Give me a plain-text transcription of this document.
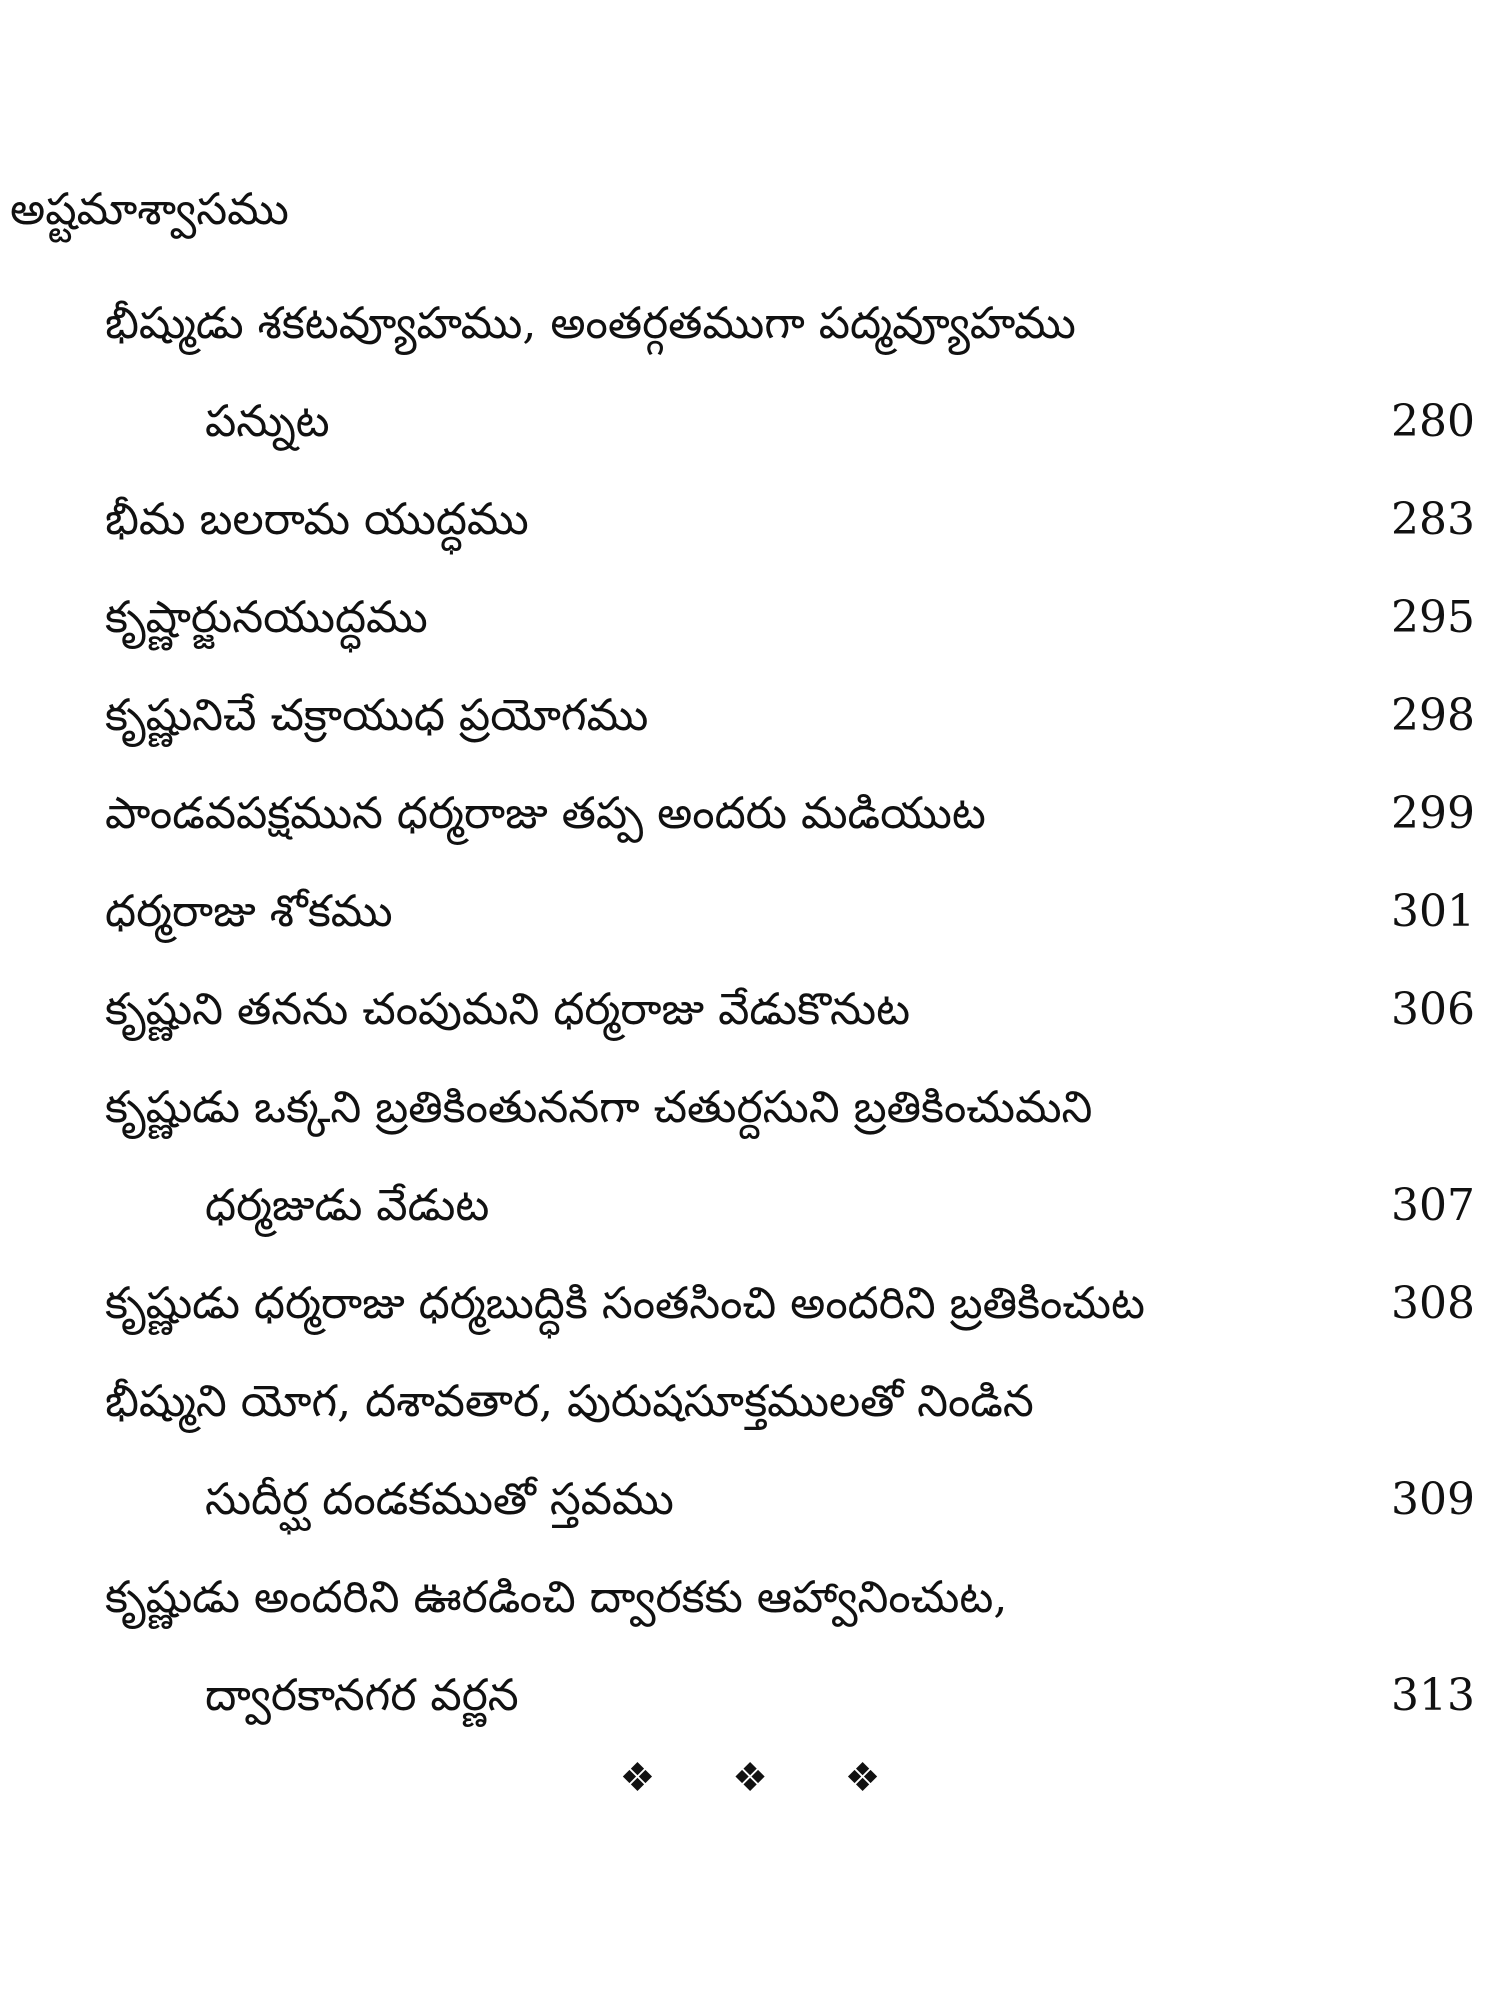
అష్టమాశ్వాసము
భీష్ముడు శకటవ్యూహము, అంతర్గతముగా పద్మవ్యూహము
పన్నుట	280
భీమ బలరామ యుద్ధము	283
కృష్ణార్జునయుద్ధము	295
కృష్ణునిచే చక్రాయుధ ప్రయోగము	298
పాండవపక్షమున ధర్మరాజు తప్ప అందరు మడియుట	299
ధర్మరాజు శోకము	301
కృష్ణుని తనను చంపుమని ధర్మరాజు వేడుకొనుట	306
కృష్ణుడు ఒక్కని బ్రతికింతుననగా చతుర్దసుని బ్రతికించుమని
ధర్మజుడు వేడుట	307
కృష్ణుడు ధర్మరాజు ధర్మబుద్ధికి సంతసించి అందరిని బ్రతికించుట	308
భీష్ముని యోగ, దశావతార, పురుషసూక్తములతో నిండిన
సుదీర్ఘ దండకముతో స్తవము	309
కృష్ణుడు అందరిని ఊరడించి ద్వారకకు ఆహ్వానించుట,
ద్వారకానగర వర్ణన	313
❖ ❖ ❖
